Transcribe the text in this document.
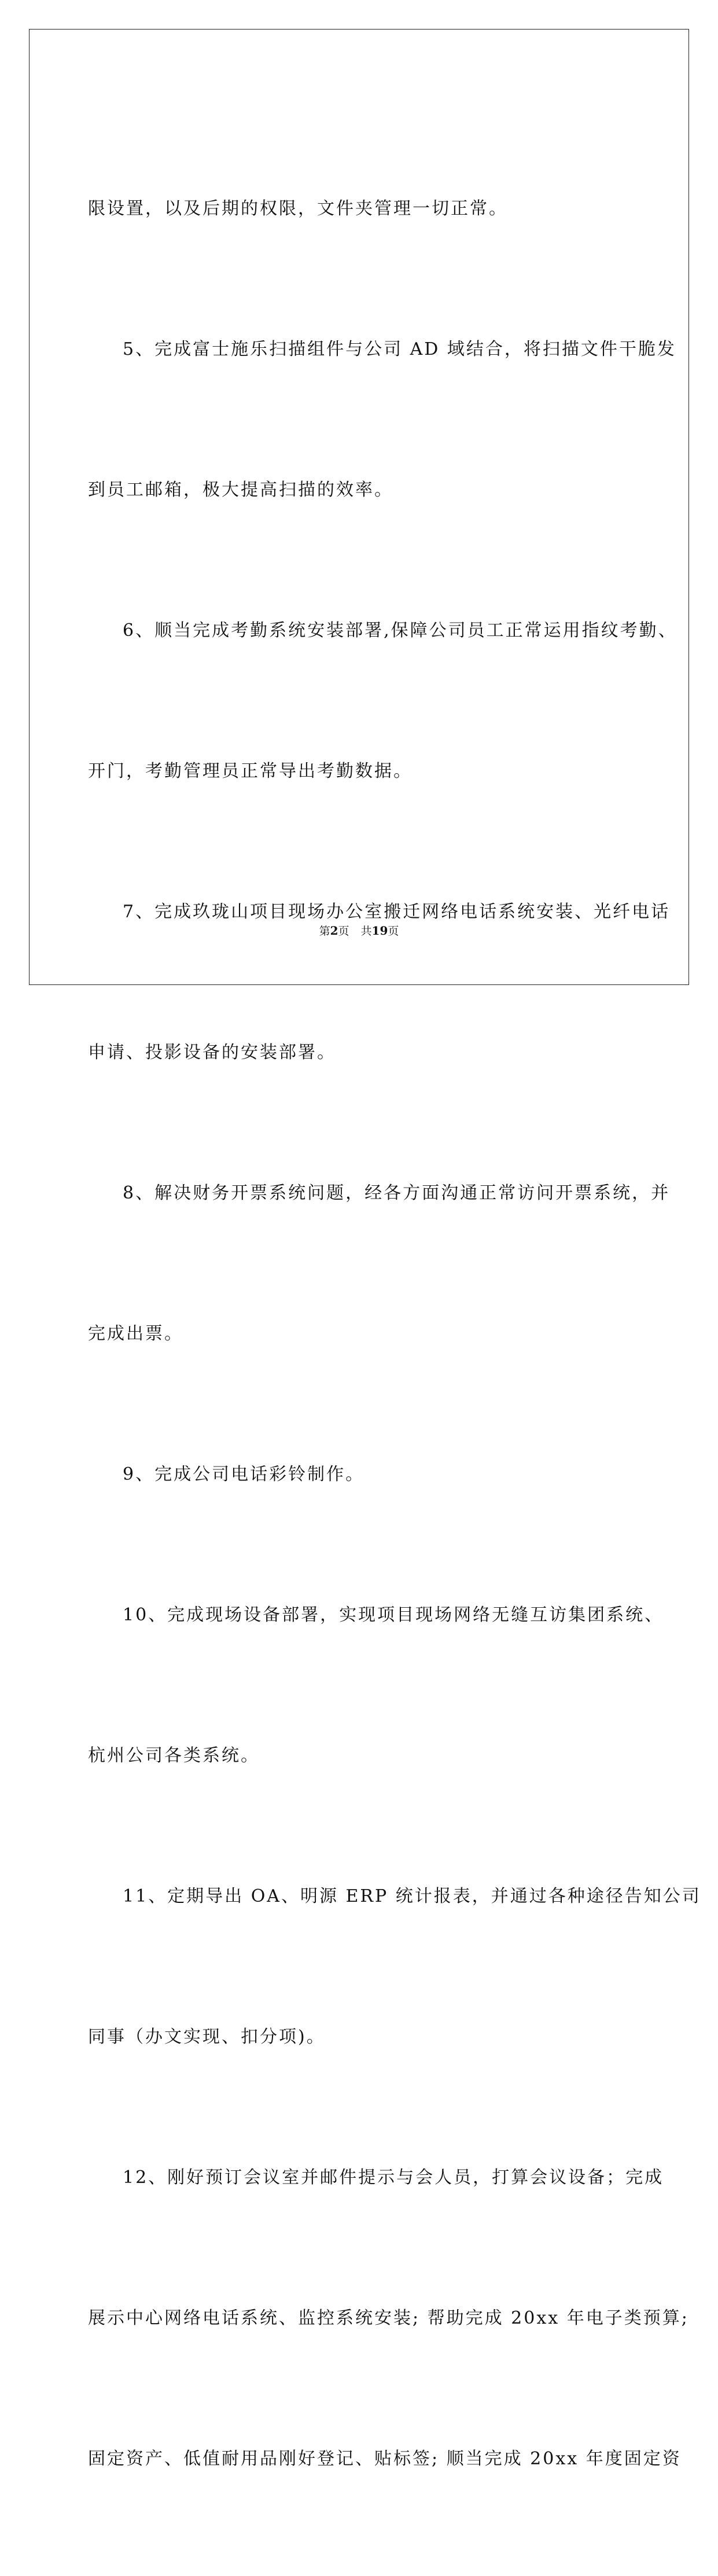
限设置，以及后期的权限，文件夹管理一切正常。

5、完成富士施乐扫描组件与公司 AD 域结合，将扫描文件干脆发

到员工邮箱，极大提高扫描的效率。

6、顺当完成考勤系统安装部署,保障公司员工正常运用指纹考勤、

开门，考勤管理员正常导出考勤数据。

7、完成玖珑山项目现场办公室搬迁网络电话系统安装、光纤电话

申请、投影设备的安装部署。

8、解决财务开票系统问题，经各方面沟通正常访问开票系统，并

完成出票。

9、完成公司电话彩铃制作。

10、完成现场设备部署，实现项目现场网络无缝互访集团系统、

杭州公司各类系统。

11、定期导出 OA、明源 ERP 统计报表，并通过各种途径告知公司

同事（办文实现、扣分项)。

12、刚好预订会议室并邮件提示与会人员，打算会议设备；完成

展示中心网络电话系统、监控系统安装; 帮助完成 20xx 年电子类预算;

固定资产、低值耐用品刚好登记、贴标签; 顺当完成 20xx 年度固定资

第2页 共19页
